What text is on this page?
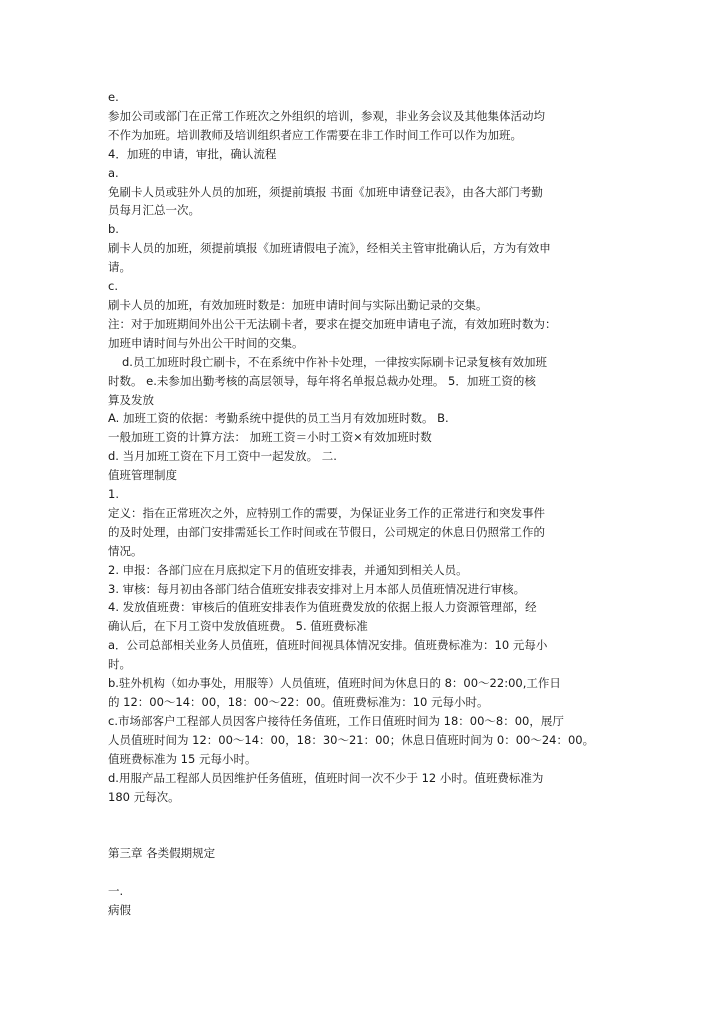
e.

参加公司或部门在正常工作班次之外组织的培训，参观，非业务会议及其他集体活动均

不作为加班。培训教师及培训组织者应工作需要在非工作时间工作可以作为加班。

4．加班的申请，审批，确认流程

a.

免刷卡人员或驻外人员的加班，须提前填报 书面《加班申请登记表》，由各大部门考勤

员每月汇总一次。

b.

刷卡人员的加班，须提前填报《加班请假电子流》，经相关主管审批确认后，方为有效申

请。

c.

刷卡人员的加班，有效加班时数是：加班申请时间与实际出勤记录的交集。

注：对于加班期间外出公干无法刷卡者，要求在提交加班申请电子流，有效加班时数为：

加班申请时间与外出公干时间的交集。

d.员工加班时段亡刷卡，不在系统中作补卡处理，一律按实际刷卡记录复核有效加班

时数。 e.未参加出勤考核的高层领导，每年将名单报总裁办处理。 5．加班工资的核

算及发放

A. 加班工资的依据：考勤系统中提供的员工当月有效加班时数。 B.

一般加班工资的计算方法： 加班工资＝小时工资×有效加班时数

d. 当月加班工资在下月工资中一起发放。 二.

值班管理制度

1.

定义：指在正常班次之外，应特别工作的需要，为保证业务工作的正常进行和突发事件

的及时处理，由部门安排需延长工作时间或在节假日，公司规定的休息日仍照常工作的

情况。

2. 申报：各部门应在月底拟定下月的值班安排表，并通知到相关人员。

3. 审核：每月初由各部门结合值班安排表安排对上月本部人员值班情况进行审核。

4. 发放值班费：审核后的值班安排表作为值班费发放的依据上报人力资源管理部，经

确认后，在下月工资中发放值班费。 5. 值班费标准

a．公司总部相关业务人员值班，值班时间视具体情况安排。值班费标准为：10 元每小

时。

b.驻外机构（如办事处，用服等）人员值班，值班时间为休息日的 8：00～22:00,工作日

的 12：00～14：00，18：00～22：00。值班费标准为：10 元每小时。

c.市场部客户工程部人员因客户接待任务值班，工作日值班时间为 18：00～8：00，展厅

人员值班时间为 12：00～14：00，18：30～21：00；休息日值班时间为 0：00～24：00。

值班费标准为 15 元每小时。

d.用服产品工程部人员因维护任务值班，值班时间一次不少于 12 小时。值班费标准为

180 元每次。

第三章 各类假期规定

一.

病假
